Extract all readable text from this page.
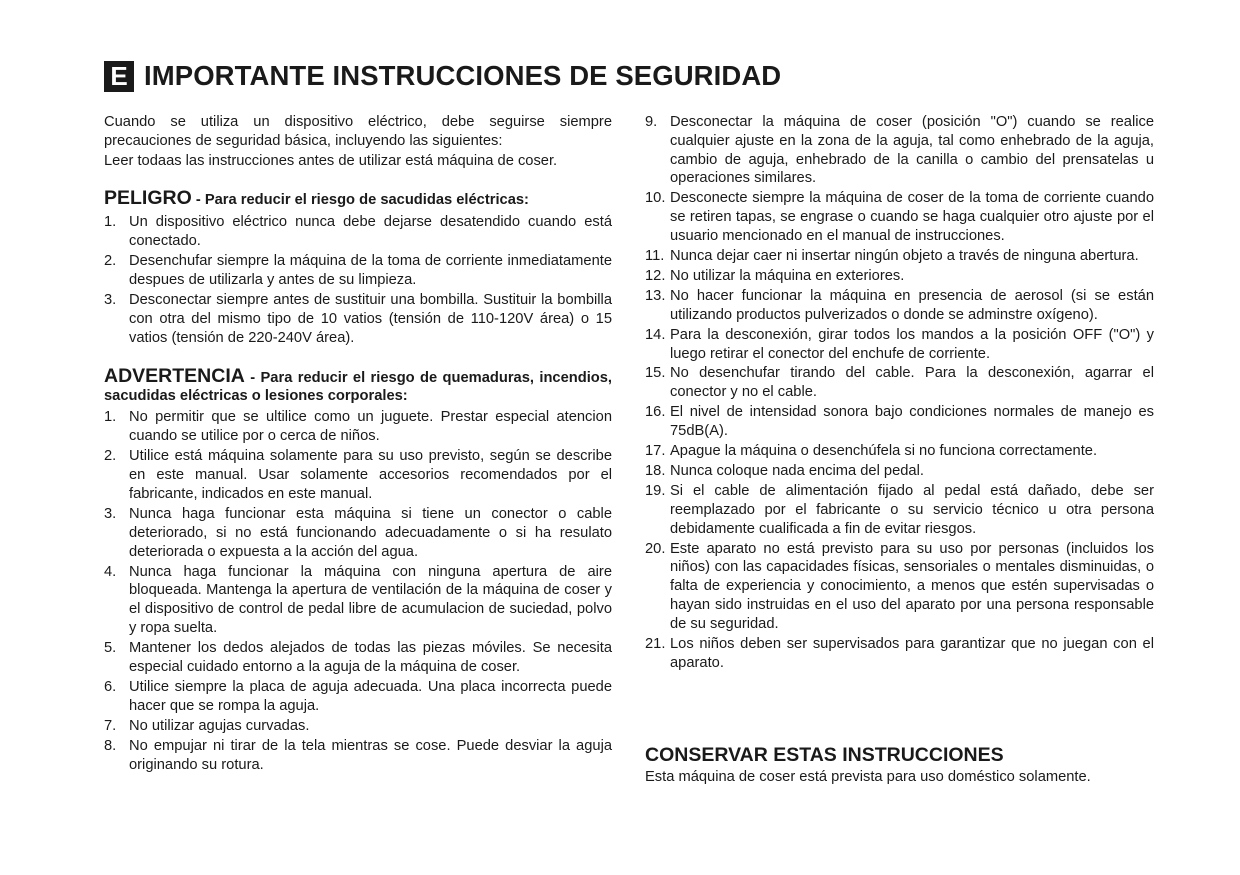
E IMPORTANTE INSTRUCCIONES DE SEGURIDAD

Cuando se utiliza un dispositivo eléctrico, debe seguirse siempre precauciones de seguridad básica, incluyendo las siguientes:

Leer todaas las instrucciones antes de utilizar está máquina de coser.

PELIGRO - Para reducir el riesgo de sacudidas eléctricas:
1. Un dispositivo eléctrico nunca debe dejarse desatendido cuando está conectado.
2. Desenchufar siempre la máquina de la toma de corriente inmediatamente despues de utilizarla y antes de su limpieza.
3. Desconectar siempre antes de sustituir una bombilla. Sustituir la bombilla con otra del mismo tipo de 10 vatios (tensión de 110-120V área) o 15 vatios (tensión de 220-240V área).
ADVERTENCIA - Para reducir el riesgo de quemaduras, incendios, sacudidas eléctricas o lesiones corporales:
1. No permitir que se ultilice como un juguete. Prestar especial atencion cuando se utilice por o cerca de niños.
2. Utilice está máquina solamente para su uso previsto, según se describe en este manual. Usar solamente accesorios recomendados por el fabricante, indicados en este manual.
3. Nunca haga funcionar esta máquina si tiene un conector o cable deteriorado, si no está funcionando adecuadamente o si ha resulato deteriorada o expuesta a la acción del agua.
4. Nunca haga funcionar la máquina con ninguna apertura de aire bloqueada. Mantenga la apertura de ventilación de la máquina de coser y el dispositivo de control de pedal libre de acumulacion de suciedad, polvo y ropa suelta.
5. Mantener los dedos alejados de todas las piezas móviles. Se necesita especial cuidado entorno a la aguja de la máquina de coser.
6. Utilice siempre la placa de aguja adecuada. Una placa incorrecta puede hacer que se rompa la aguja.
7. No utilizar agujas curvadas.
8. No empujar ni tirar de la tela mientras se cose. Puede desviar la aguja originando su rotura.
9. Desconectar la máquina de coser (posición "O") cuando se realice cualquier ajuste en la zona de la aguja, tal como enhebrado de la aguja, cambio de aguja, enhebrado de la canilla o cambio del prensatelas u operaciones similares.
10. Desconecte siempre la máquina de coser de la toma de corriente cuando se retiren tapas, se engrase o cuando se haga cualquier otro ajuste por el usuario mencionado en el manual de instrucciones.
11. Nunca dejar caer ni insertar ningún objeto a través de ninguna abertura.
12. No utilizar la máquina en exteriores.
13. No hacer funcionar la máquina en presencia de aerosol (si se están utilizando productos pulverizados o donde se adminstre oxígeno).
14. Para la desconexión, girar todos los mandos a la posición OFF ("O") y luego retirar el conector del enchufe de corriente.
15. No desenchufar tirando del cable. Para la desconexión, agarrar el conector y no el cable.
16. El nivel de intensidad sonora bajo condiciones normales de manejo es 75dB(A).
17. Apague la máquina o desenchúfela si no funciona correctamente.
18. Nunca coloque nada encima del pedal.
19. Si el cable de alimentación fijado al pedal está dañado, debe ser reemplazado por el fabricante o su servicio técnico u otra persona debidamente cualificada a fin de evitar riesgos.
20. Este aparato no está previsto para su uso por personas (incluidos los niños) con las capacidades físicas, sensoriales o mentales disminuidas, o falta de experiencia y conocimiento, a menos que estén supervisadas o hayan sido instruidas en el uso del aparato por una persona responsable de su seguridad.
21. Los niños deben ser supervisados para garantizar que no juegan con el aparato.
CONSERVAR ESTAS INSTRUCCIONES

Esta máquina de coser está prevista para uso doméstico solamente.
